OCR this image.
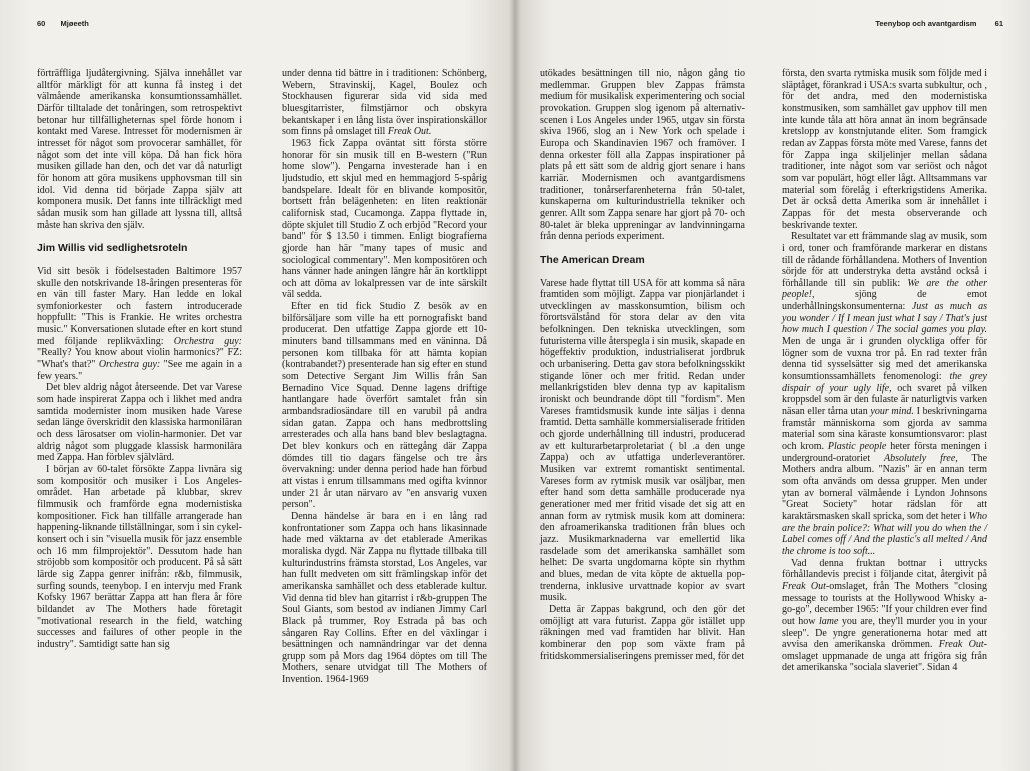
60 Mjøeeth

förträffliga ljudåtergivning. Själva innehållet var alltför märkligt för att kunna få insteg i det välmående amerikanska konsumtionssamhället. Därför tilltalade det tonåringen, som retrospektivt betonar hur tillfälligheternas spel förde honom i kontakt med Varese. Intresset för modernismen är intresset för något som provocerar samhället, för något som det inte vill köpa. Då han fick höra musiken gillade han den, och det var då naturligt för honom att göra musikens upphovsman till sin idol. Vid denna tid började Zappa själv att komponera musik. Det fanns inte tillräckligt med sådan musik som han gillade att lyssna till, alltså måste han skriva den själv.

Jim Willis vid sedlighetsroteln

Vid sitt besök i födelsestaden Baltimore 1957 skulle den notskrivande 18-åringen presenteras för en vän till faster Mary. Han ledde en lokal symfoniorkester och fastern introducerade hoppfullt: "This is Frankie. He writes orchestra music." Konversationen slutade efter en kort stund med följande replikväxling: Orchestra guy: "Really? You know about violin harmonics?" FZ: "What's that?" Orchestra guy: "See me again in a few years."

Det blev aldrig något återseende. Det var Varese som hade inspirerat Zappa och i likhet med andra samtida modernister inom musiken hade Varese sedan länge överskridit den klassiska harmoniläran och dess lärosatser om violin-harmonier. Det var aldrig något som pluggade klassisk harmonilära med Zappa. Han förblev självlärd.

I början av 60-talet försökte Zappa livnära sig som kompositör och musiker i Los Angeles-området. Han arbetade på klubbar, skrev filmmusik och framförde egna modernistiska kompositioner. Fick han tillfälle arrangerade han happening-liknande tillställningar, som i sin cykel-konsert och i sin "visuella musik för jazz ensemble och 16 mm filmprojektör". Dessutom hade han ströjobb som kompositör och producent. På så sätt lärde sig Zappa genrer inifrån: r&b, filmmusik, surfing sounds, teenybop. I en intervju med Frank Kofsky 1967 berättar Zappa att han flera år före bildandet av The Mothers hade företagit "motivational research in the field, watching successes and failures of other people in the industry". Samtidigt satte han sig

under denna tid bättre in i traditionen: Schönberg, Webern, Stravinskij, Kagel, Boulez och Stockhausen figurerar sida vid sida med bluesgitarrister, filmstjärnor och obskyra bekantskaper i en lång lista över inspirationskällor som finns på omslaget till Freak Out.

1963 fick Zappa oväntat sitt första större honorar för sin musik till en B-western ("Run home slow"). Pengarna investerade han i en ljudstudio, ett skjul med en hemmagjord 5-spårig bandspelare. Idealt för en blivande kompositör, bortsett från belägenheten: en liten reaktionär californisk stad, Cucamonga. Zappa flyttade in, döpte skjulet till Studio Z och erbjöd "Record your band" för $ 13.50 i timmen. Enligt biografierna gjorde han här "many tapes of music and sociological commentary". Men kompositören och hans vänner hade aningen längre hår än kortklippt och att döma av lokalpressen var de inte särskilt väl sedda.

Efter en tid fick Studio Z besök av en bilförsäljare som ville ha ett pornografiskt band producerat. Den utfattige Zappa gjorde ett 10-minuters band tillsammans med en väninna. Då personen kom tillbaka för att hämta kopian (kontrabandet?) presenterade han sig efter en stund som Detective Sergant Jim Willis från San Bernadino Vice Squad. Denne lagens driftige hantlangare hade överfört samtalet från sin armbandsradiosändare till en varubil på andra sidan gatan. Zappa och hans medbrottsling arresterades och alla hans band blev beslagtagna. Det blev konkurs och en rättegång där Zappa dömdes till tio dagars fängelse och tre års övervakning: under denna period hade han förbud att vistas i enrum tillsammans med ogifta kvinnor under 21 år utan närvaro av "en ansvarig vuxen person".

Denna händelse är bara en i en lång rad konfrontationer som Zappa och hans likasinnade hade med väktarna av det etablerade Amerikas moraliska dygd. När Zappa nu flyttade tillbaka till kulturindustrins främsta storstad, Los Angeles, var han fullt medveten om sitt främlingskap inför det amerikanska samhället och dess etablerade kultur. Vid denna tid blev han gitarrist i r&b-gruppen The Soul Giants, som bestod av indianen Jimmy Carl Black på trummer, Roy Estrada på bas och sångaren Ray Collins. Efter en del växlingar i besättningen och namnändringar var det denna grupp som på Mors dag 1964 döptes om till The Mothers, senare utvidgat till The Mothers of Invention. 1964-1969

Teenybop och avantgardism 61

utökades besättningen till nio, någon gång tio medlemmar. Gruppen blev Zappas främsta medium för musikalisk experimentering och social provokation. Gruppen slog igenom på alternativ-scenen i Los Angeles under 1965, utgav sin första skiva 1966, slog an i New York och spelade i Europa och Skandinavien 1967 och framöver. I denna orkester föll alla Zappas inspirationer på plats på ett sätt som de aldrig gjort senare i hans karriär. Modernismen och avantgardismens traditioner, tonårserfarenheterna från 50-talet, kunskaperna om kulturindustriella tekniker och genrer. Allt som Zappa senare har gjort på 70- och 80-talet är bleka uppreningar av landvinningarna från denna periods experiment.

The American Dream

Varese hade flyttat till USA för att komma så nära framtiden som möjligt. Zappa var pionjärlandet i utvecklingen av masskonsumtion, bilism och förortsvälstånd för stora delar av den vita befolkningen. Den tekniska utvecklingen, som futuristerna ville återspegla i sin musik, skapade en högeffektiv produktion, industrialiserat jordbruk och urbanisering. Detta gav stora befolkningsskikt stigande löner och mer fritid. Redan under mellankrigstiden blev denna typ av kapitalism ironiskt och beundrande döpt till "fordism". Men Vareses framtidsmusik kunde inte säljas i denna framtid. Detta samhälle kommersialiserade fritiden och gjorde underhållning till industri, producerad av ett kulturarbetarproletariat ( bl .a den unge Zappa) och av utfattiga underleverantörer. Musiken var extremt romantiskt sentimental. Vareses form av rytmisk musik var osäljbar, men efter hand som detta samhälle producerade nya generationer med mer fritid visade det sig att en annan form av rytmisk musik kom att dominera: den afroamerikanska traditionen från blues och jazz. Musikmarknaderna var emellertid lika rasdelade som det amerikanska samhället som helhet: De svarta ungdomarna köpte sin rhythm and blues, medan de vita köpte de aktuella pop-trenderna, inklusive urvattnade kopior av svart musik.

Detta är Zappas bakgrund, och den gör det omöjligt att vara futurist. Zappa gör istället upp räkningen med vad framtiden har blivit. Han kombinerar den pop som växte fram på fritidskommersialiseringens premisser med, för det

första, den svarta rytmiska musik som följde med i släptåget, förankrad i USA:s svarta subkultur, och , för det andra, med den modernistiska konstmusiken, som samhället gav upphov till men inte kunde tåla att höra annat än inom begränsade kretslopp av konstnjutande eliter. Som framgick redan av Zappas första möte med Varese, fanns det för Zappa inga skiljelinjer mellan sådana traditioner, inte något som var seriöst och något som var populärt, högt eller lågt. Alltsammans var material som förelåg i efterkrigstidens Amerika. Det är också detta Amerika som är innehållet i Zappas för det mesta observerande och beskrivande texter.

Resultatet var ett främmande slag av musik, som i ord, toner och framförande markerar en distans till de rådande förhållandena. Mothers of Invention sörjde för att understryka detta avstånd också i förhållande till sin publik: We are the other people!, sjöng de emot underhållningskonsumenterna: Just as much as you wonder / If I mean just what I say / That's just how much I question / The social games you play. Men de unga är i grunden olyckliga offer för lögner som de vuxna tror på. En rad texter från denna tid sysselsätter sig med det amerikanska konsumtionssamhällets fenomenologi: the grey dispair of your ugly life, och svaret på vilken kroppsdel som är den fulaste är naturligtvis varken näsan eller tårna utan your mind. I beskrivningarna framstår människorna som gjorda av samma material som sina käraste konsumtionsvaror: plast och krom. Plastic people heter första meningen i underground-oratoriet Absolutely free, The Mothers andra album. "Nazis" är en annan term som ofta används om dessa grupper. Men under ytan av borneral välmående i Lyndon Johnsons "Great Society" hotar rädslan för att karaktärsmasken skall spricka, som det heter i Who are the brain police?: What will you do when the / Label comes off / And the plastic's all melted / And the chrome is too soft...

Vad denna fruktan bottnar i uttrycks förhållandevis precist i följande citat, återgivit på Freak Out-omslaget, från The Mothers "closing message to tourists at the Hollywood Whisky a-go-go", december 1965: "If your children ever find out how lame you are, they'll murder you in your sleep". De yngre generationerna hotar med att avvisa den amerikanska drömmen. Freak Out-omslaget uppmanade de unga att frigöra sig från det amerikanska "sociala slaveriet". Sidan 4
